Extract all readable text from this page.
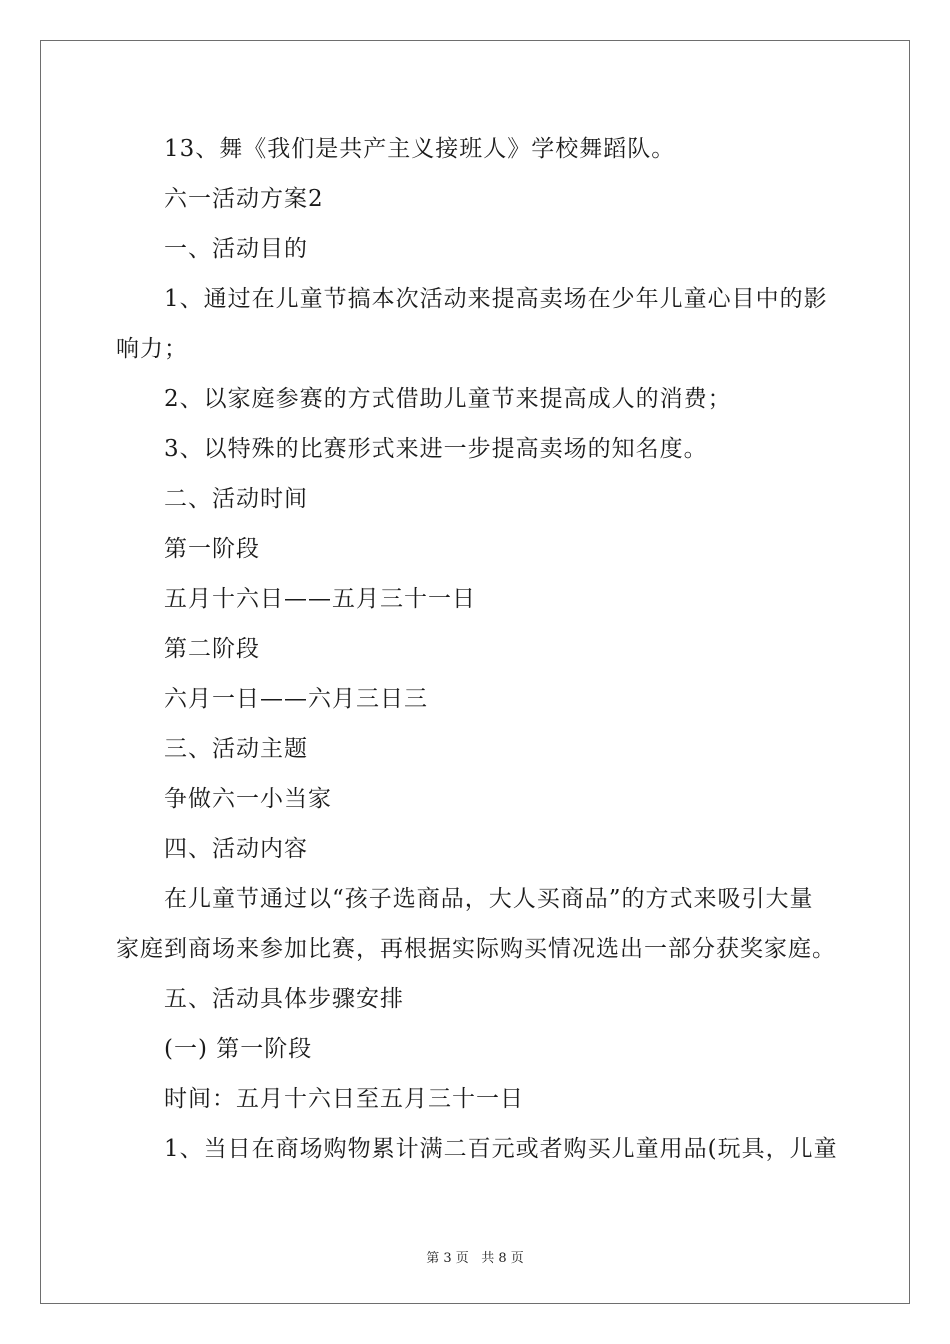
13、舞《我们是共产主义接班人》学校舞蹈队。

六一活动方案2

一、活动目的

1、通过在儿童节搞本次活动来提高卖场在少年儿童心目中的影

响力；

2、以家庭参赛的方式借助儿童节来提高成人的消费；

3、以特殊的比赛形式来进一步提高卖场的知名度。

二、活动时间

第一阶段

五月十六日——五月三十一日

第二阶段

六月一日——六月三日三

三、活动主题

争做六一小当家

四、活动内容

在儿童节通过以“孩子选商品，大人买商品”的方式来吸引大量

家庭到商场来参加比赛，再根据实际购买情况选出一部分获奖家庭。

五、活动具体步骤安排

(一) 第一阶段

时间：五月十六日至五月三十一日

1、当日在商场购物累计满二百元或者购买儿童用品(玩具，儿童

第 3 页   共 8 页
